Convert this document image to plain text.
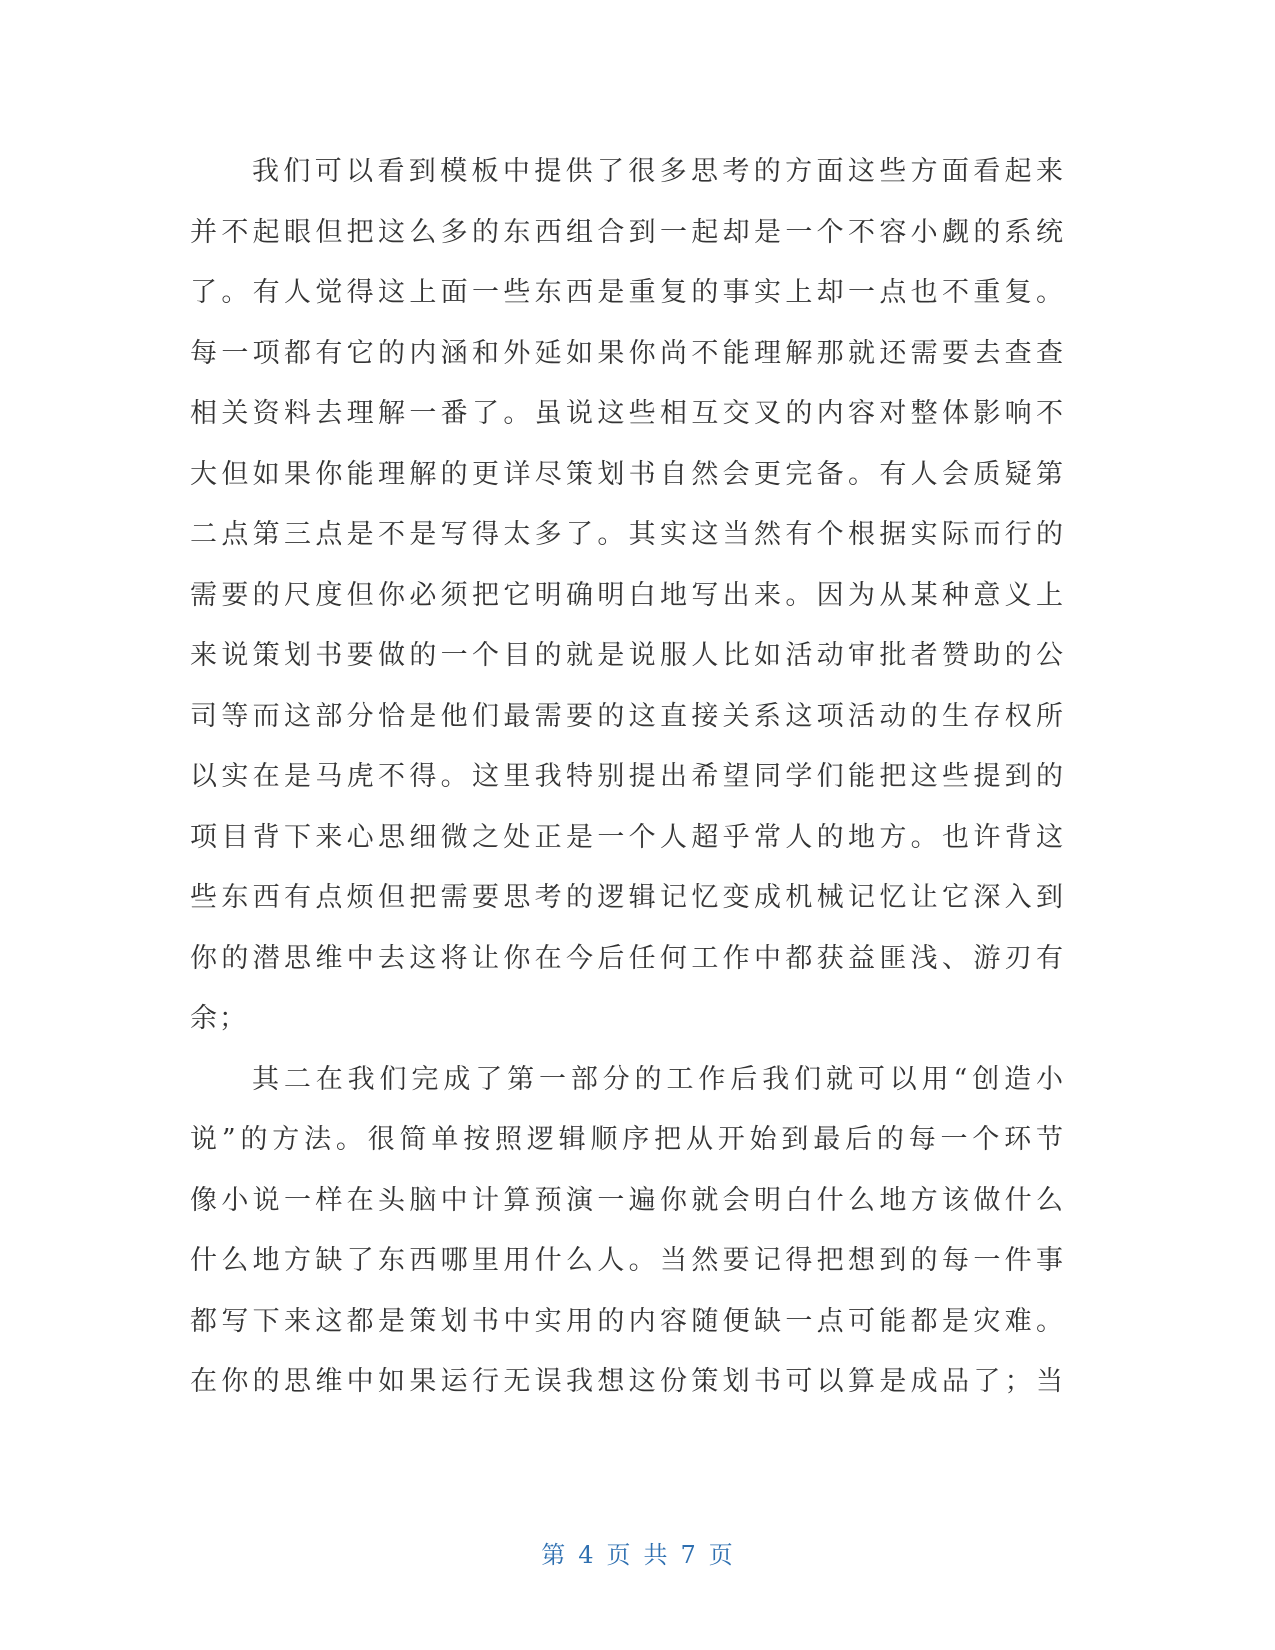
我们可以看到模板中提供了很多思考的方面这些方面看起来
并不起眼但把这么多的东西组合到一起却是一个不容小觑的系统
了。有人觉得这上面一些东西是重复的事实上却一点也不重复。
每一项都有它的内涵和外延如果你尚不能理解那就还需要去查查
相关资料去理解一番了。虽说这些相互交叉的内容对整体影响不
大但如果你能理解的更详尽策划书自然会更完备。有人会质疑第
二点第三点是不是写得太多了。其实这当然有个根据实际而行的
需要的尺度但你必须把它明确明白地写出来。因为从某种意义上
来说策划书要做的一个目的就是说服人比如活动审批者赞助的公
司等而这部分恰是他们最需要的这直接关系这项活动的生存权所
以实在是马虎不得。这里我特别提出希望同学们能把这些提到的
项目背下来心思细微之处正是一个人超乎常人的地方。也许背这
些东西有点烦但把需要思考的逻辑记忆变成机械记忆让它深入到
你的潜思维中去这将让你在今后任何工作中都获益匪浅、游刃有
余；
其二在我们完成了第一部分的工作后我们就可以用“创造小
说”的方法。很简单按照逻辑顺序把从开始到最后的每一个环节
像小说一样在头脑中计算预演一遍你就会明白什么地方该做什么
什么地方缺了东西哪里用什么人。当然要记得把想到的每一件事
都写下来这都是策划书中实用的内容随便缺一点可能都是灾难。
在你的思维中如果运行无误我想这份策划书可以算是成品了；当
第 4 页 共 7 页
